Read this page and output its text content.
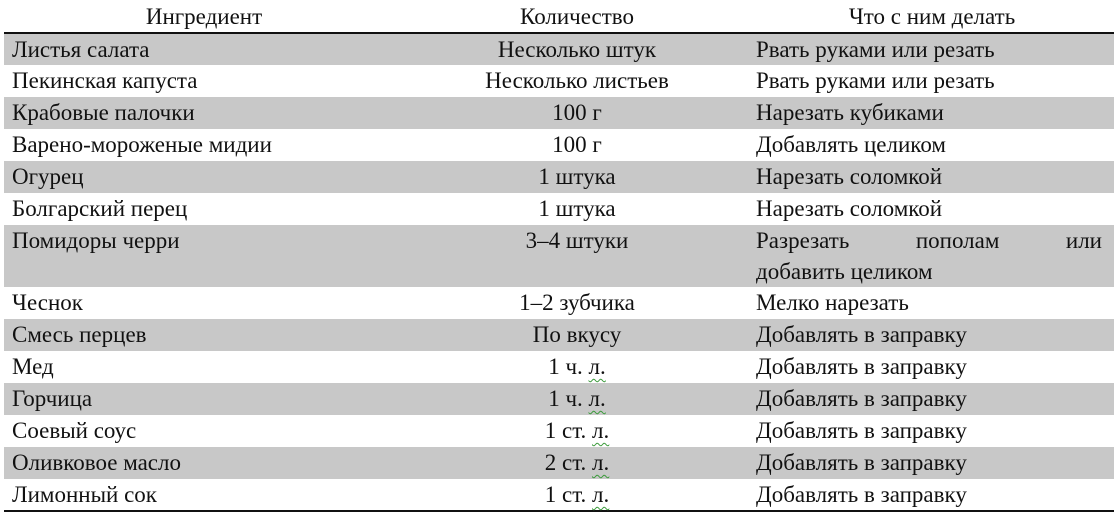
Ингредиент	Количество	Что с ним делать
Листья салата	Несколько штук	Рвать руками или резать
Пекинская капуста	Несколько листьев	Рвать руками или резать
Крабовые палочки	100 г	Нарезать кубиками
Варено-мороженые мидии	100 г	Добавлять целиком
Огурец	1 штука	Нарезать соломкой
Болгарский перец	1 штука	Нарезать соломкой
Помидоры черри	3–4 штуки	Разрезать пополам или
добавить целиком
Чеснок	1–2 зубчика	Мелко нарезать
Смесь перцев	По вкусу	Добавлять в заправку
Мед	1 ч. л.	Добавлять в заправку
Горчица	1 ч. л.	Добавлять в заправку
Соевый соус	1 ст. л.	Добавлять в заправку
Оливковое масло	2 ст. л.	Добавлять в заправку
Лимонный сок	1 ст. л.	Добавлять в заправку
